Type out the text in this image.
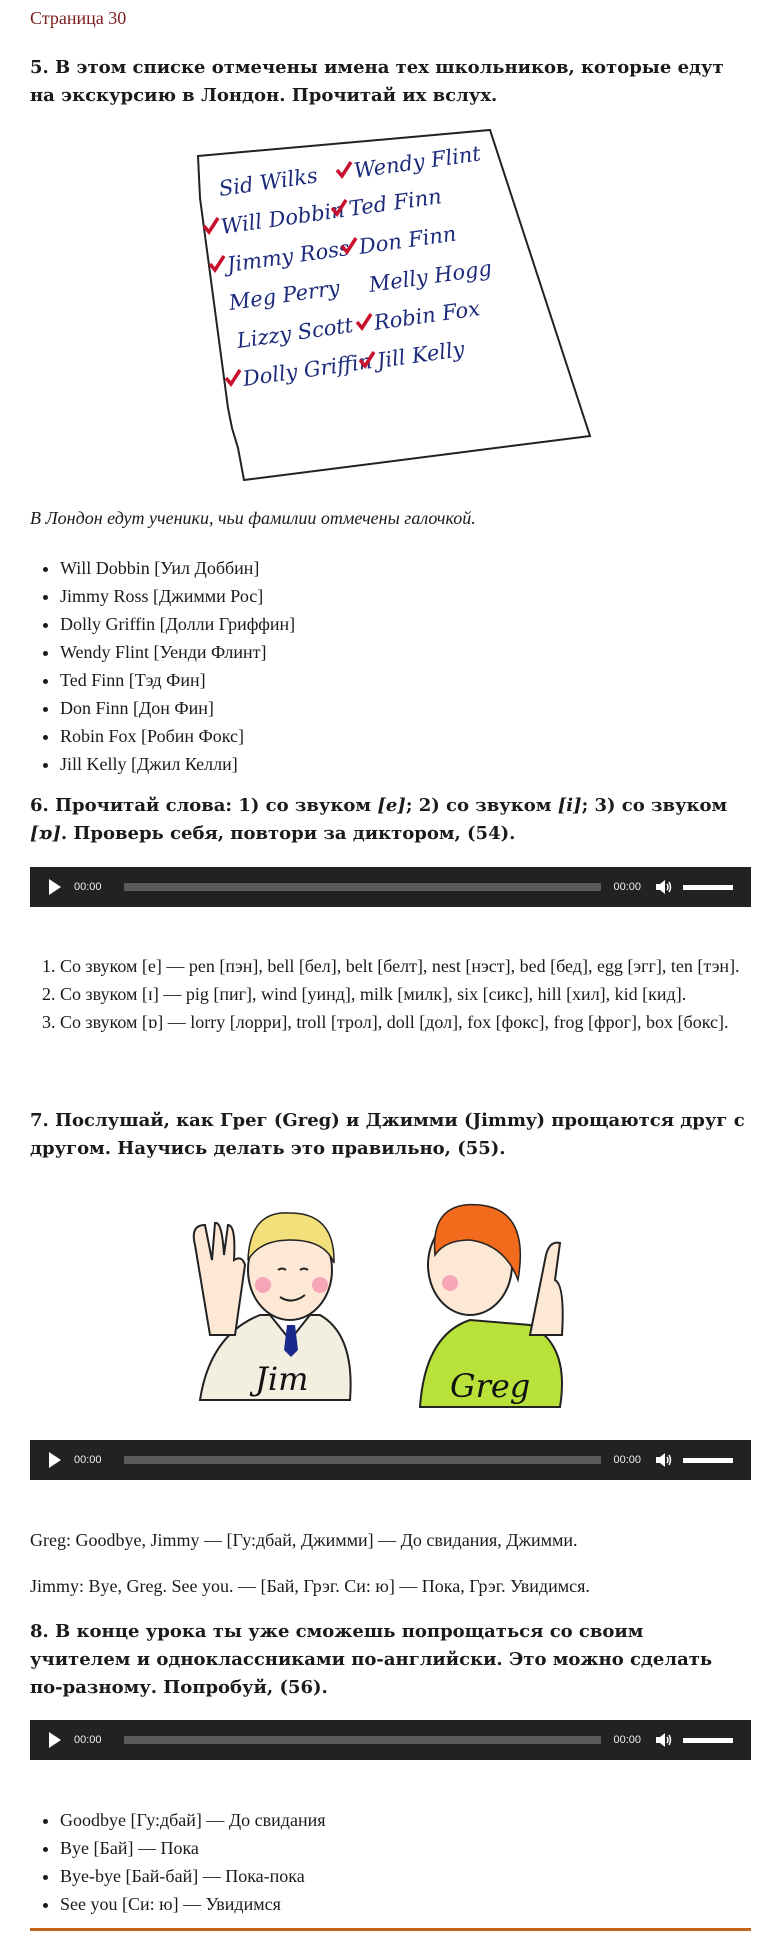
Страница 30

5. В этом списке отмечены имена тех школьников, которые едут на экскурсию в Лондон. Прочитай их вслух.

Sid Wilks Wendy Flint
Will Dobbin Ted Finn
Jimmy Ross Don Finn
Meg Perry Melly Hogg
Lizzy Scott Robin Fox
Dolly Griffin Jill Kelly

В Лондон едут ученики, чьи фамилии отмечены галочкой.

• Will Dobbin [Уил Доббин]
• Jimmy Ross [Джимми Рос]
• Dolly Griffin [Долли Гриффин]
• Wendy Flint [Уенди Флинт]
• Ted Finn [Тэд Фин]
• Don Finn [Дон Фин]
• Robin Fox [Робин Фокс]
• Jill Kelly [Джил Келли]

6. Прочитай слова: 1) со звуком [e]; 2) со звуком [i]; 3) со звуком [ɒ]. Проверь себя, повтори за диктором, (54).

00:00	00:00
1. Со звуком [e] — pen [пэн], bell [бел], belt [белт], nest [нэст], bed [бед], egg [эгг], ten [тэн].
2. Со звуком [ɪ] — pig [пиг], wind [уинд], milk [милк], six [сикс], hill [хил], kid [кид].
3. Со звуком [ɒ] — lorry [лорри], troll [трол], doll [дол], fox [фокс], frog [фрог], box [бокс].

7. Послушай, как Грег (Greg) и Джимми (Jimmy) прощаются друг с другом. Научись делать это правильно, (55).

Jim	Greg
00:00	00:00

Greg: Goodbye, Jimmy — [Гу:дбай, Джимми] — До свидания, Джимми.

Jimmy: Bye, Greg. See you. — [Бай, Грэг. Си: ю] — Пока, Грэг. Увидимся.

8. В конце урока ты уже сможешь попрощаться со своим учителем и одноклассниками по-английски. Это можно сделать по-разному. Попробуй, (56).

00:00	00:00
• Goodbye [Гу:дбай] — До свидания
• Bye [Бай] — Пока
• Bye-bye [Бай-бай] — Пока-пока
• See you [Си: ю] — Увидимся
